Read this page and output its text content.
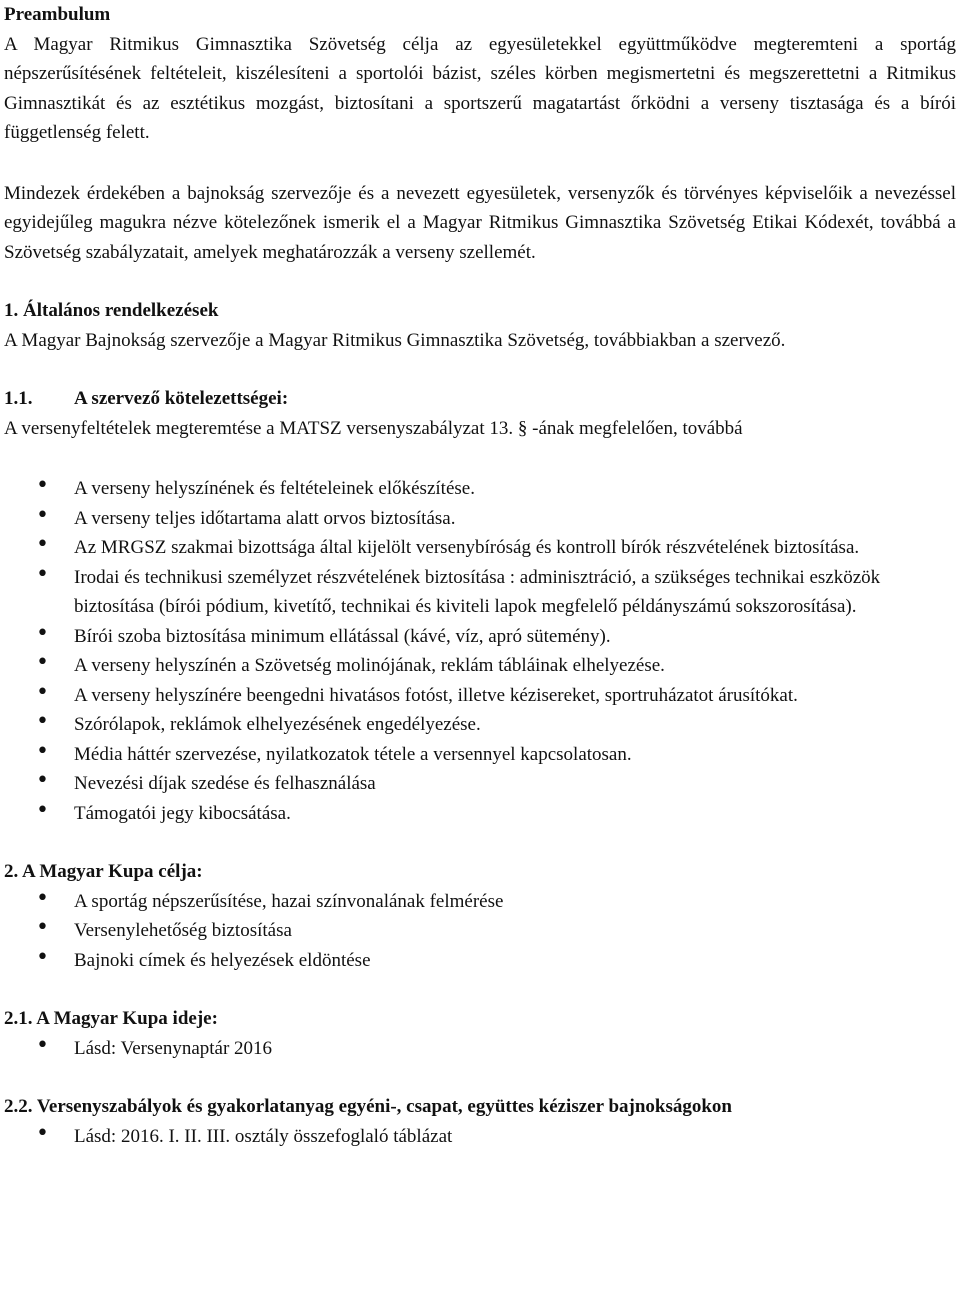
Preambulum

A Magyar Ritmikus Gimnasztika Szövetség célja az egyesületekkel együttműködve megteremteni a sportág népszerűsítésének feltételeit, kiszélesíteni a sportolói bázist, széles körben megismertetni és megszerettetni a Ritmikus Gimnasztikát és az esztétikus mozgást, biztosítani a sportszerű magatartást őrködni a verseny tisztasága és a bírói függetlenség felett.

Mindezek érdekében a bajnokság szervezője és a nevezett egyesületek, versenyzők és törvényes képviselőik a nevezéssel egyidejűleg magukra nézve kötelezőnek ismerik el a Magyar Ritmikus Gimnasztika Szövetség Etikai Kódexét, továbbá a Szövetség szabályzatait, amelyek meghatározzák a verseny szellemét.

1. Általános rendelkezések

A Magyar Bajnokság szervezője a Magyar Ritmikus Gimnasztika Szövetség, továbbiakban a szervező.

1.1. A szervező kötelezettségei:

A versenyfeltételek megteremtése a MATSZ versenyszabályzat 13. § -ának megfelelően, továbbá

• A verseny helyszínének és feltételeinek előkészítése.
• A verseny teljes időtartama alatt orvos biztosítása.
• Az MRGSZ szakmai bizottsága által kijelölt versenybíróság és kontroll bírók részvételének biztosítása.
• Irodai és technikusi személyzet részvételének biztosítása : adminisztráció, a szükséges technikai eszközök biztosítása (bírói pódium, kivetítő, technikai és kiviteli lapok megfelelő példányszámú sokszorosítása).
• Bírói szoba biztosítása minimum ellátással (kávé, víz, apró sütemény).
• A verseny helyszínén a Szövetség molinójának, reklám tábláinak elhelyezése.
• A verseny helyszínére beengedni hivatásos fotóst, illetve kézisereket, sportruházatot árusítókat.
• Szórólapok, reklámok elhelyezésének engedélyezése.
• Média háttér szervezése, nyilatkozatok tétele a versennyel kapcsolatosan.
• Nevezési díjak szedése és felhasználása
• Támogatói jegy kibocsátása.

2. A Magyar Kupa célja:

• A sportág népszerűsítése, hazai színvonalának felmérése
• Versenylehetőség biztosítása
• Bajnoki címek és helyezések eldöntése

2.1. A Magyar Kupa ideje:

• Lásd: Versenynaptár 2016

2.2. Versenyszabályok és gyakorlatanyag egyéni-, csapat, együttes kéziszer bajnokságokon

• Lásd: 2016. I. II. III. osztály összefoglaló táblázat
